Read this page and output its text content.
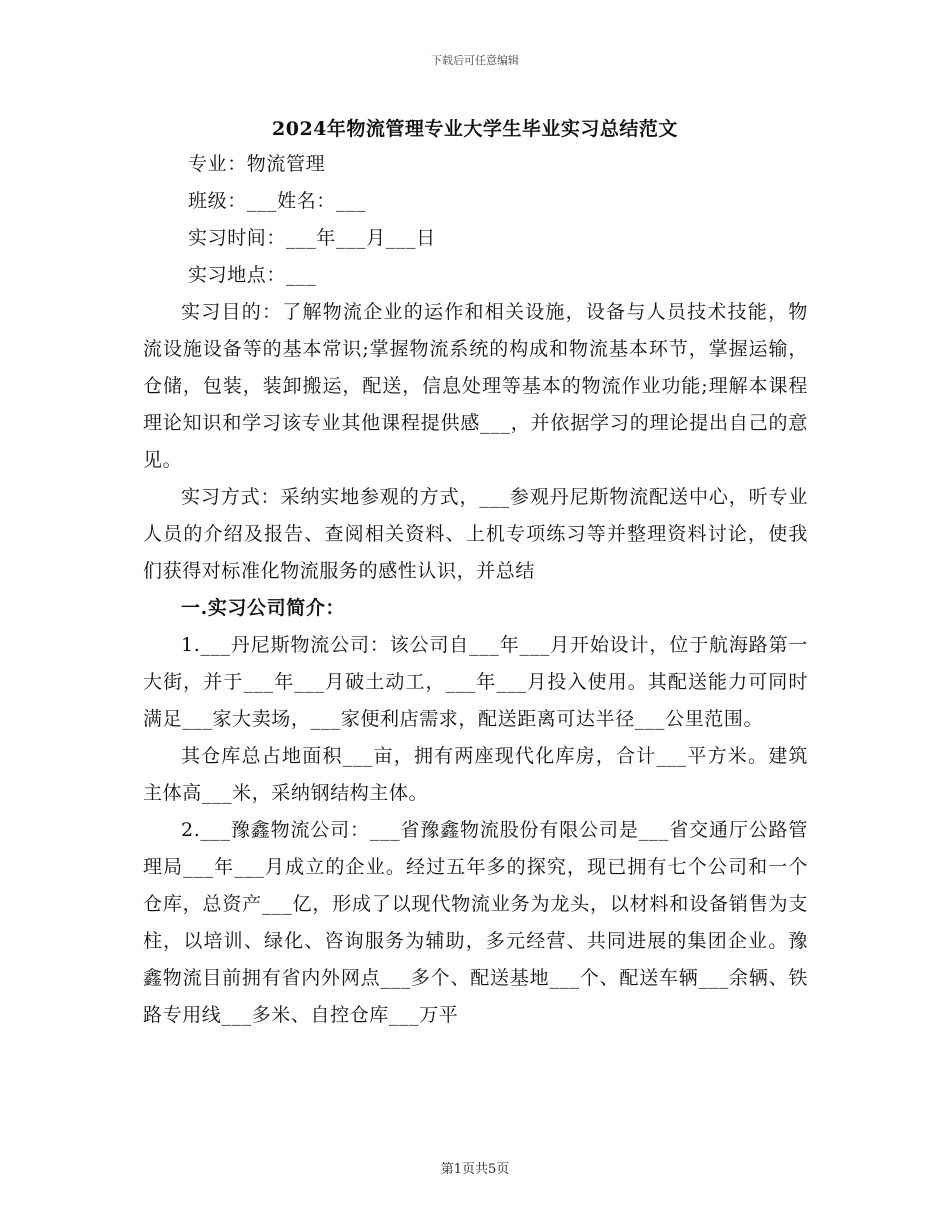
下载后可任意编辑
2024年物流管理专业大学生毕业实习总结范文

专业：物流管理

班级：___姓名：___

实习时间：___年___月___日

实习地点：___

实习目的：了解物流企业的运作和相关设施，设备与人员技术技能，物流设施设备等的基本常识;掌握物流系统的构成和物流基本环节，掌握运输，仓储，包装，装卸搬运，配送，信息处理等基本的物流作业功能;理解本课程理论知识和学习该专业其他课程提供感___，并依据学习的理论提出自己的意见。

实习方式：采纳实地参观的方式，___参观丹尼斯物流配送中心，听专业人员的介绍及报告、查阅相关资料、上机专项练习等并整理资料讨论，使我们获得对标准化物流服务的感性认识，并总结

一.实习公司简介：

1.___丹尼斯物流公司：该公司自___年___月开始设计，位于航海路第一大街，并于___年___月破土动工，___年___月投入使用。其配送能力可同时满足___家大卖场，___家便利店需求，配送距离可达半径___公里范围。

其仓库总占地面积___亩，拥有两座现代化库房，合计___平方米。建筑主体高___米，采纳钢结构主体。

2.___豫鑫物流公司：___省豫鑫物流股份有限公司是___省交通厅公路管理局___年___月成立的企业。经过五年多的探究，现已拥有七个公司和一个仓库，总资产___亿，形成了以现代物流业务为龙头，以材料和设备销售为支柱，以培训、绿化、咨询服务为辅助，多元经营、共同进展的集团企业。豫鑫物流目前拥有省内外网点___多个、配送基地___个、配送车辆___余辆、铁路专用线___多米、自控仓库___万平

第1页共5页
